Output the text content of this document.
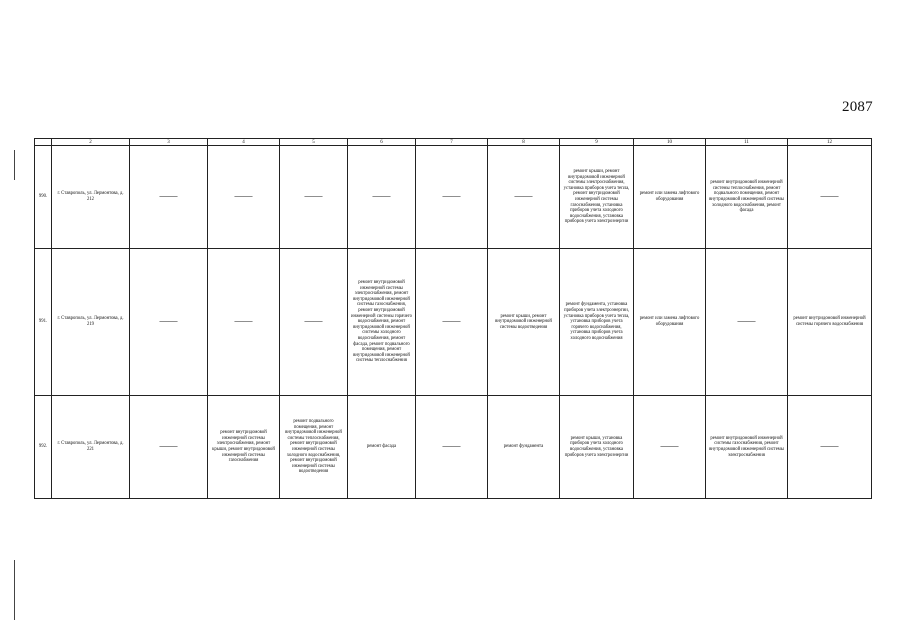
2087
	2	3	4	5	6	7	8	9	10	11	12
990.	г. Ставрополь, ул. Лермонтова, д. 212	——	——	——	——	——	——	ремонт крыши, ремонт внутридомовой инженерной системы электроснабжения, установка приборов учета тепла, ремонт внутридомовой инженерной системы газоснабжения, установка приборов учета холодного водоснабжения, установка приборов учета электроэнергии	ремонт или замена лифтового оборудования	ремонт внутридомовой инженерной системы теплоснабжения, ремонт подвального помещения, ремонт внутридомовой инженерной системы холодного водоснабжения, ремонт фасада	——
991.	г. Ставрополь, ул. Лермонтова, д. 219	——	——	——	ремонт внутридомовой инженерной системы электроснабжения, ремонт внутридомовой инженерной системы газоснабжения, ремонт внутридомовой инженерной системы горячего водоснабжения, ремонт внутридомовой инженерной системы холодного водоснабжения, ремонт фасада, ремонт подвального помещения, ремонт внутридомовой инженерной системы теплоснабжения	——	ремонт крыши, ремонт внутридомовой инженерной системы водоотведения	ремонт фундамента, установка приборов учета электроэнергии, установка приборов учета тепла, установка приборов учета горячего водоснабжения, установка приборов учета холодного водоснабжения	ремонт или замена лифтового оборудования	——	ремонт внутридомовой инженерной системы горячего водоснабжения
992.	г. Ставрополь, ул. Лермонтова, д. 221	——	ремонт внутридомовой инженерной системы электроснабжения, ремонт крыши, ремонт внутридомовой инженерной системы газоснабжения	ремонт подвального помещения, ремонт внутридомовой инженерной системы теплоснабжения, ремонт внутридомовой инженерной системы холодного водоснабжения, ремонт внутридомовой инженерной системы водоотведения	ремонт фасада	——	ремонт фундамента	ремонт крыши, установка приборов учета холодного водоснабжения, установка приборов учета электроэнергии	——	ремонт внутридомовой инженерной системы газоснабжения, ремонт внутридомовой инженерной системы электроснабжения	——
